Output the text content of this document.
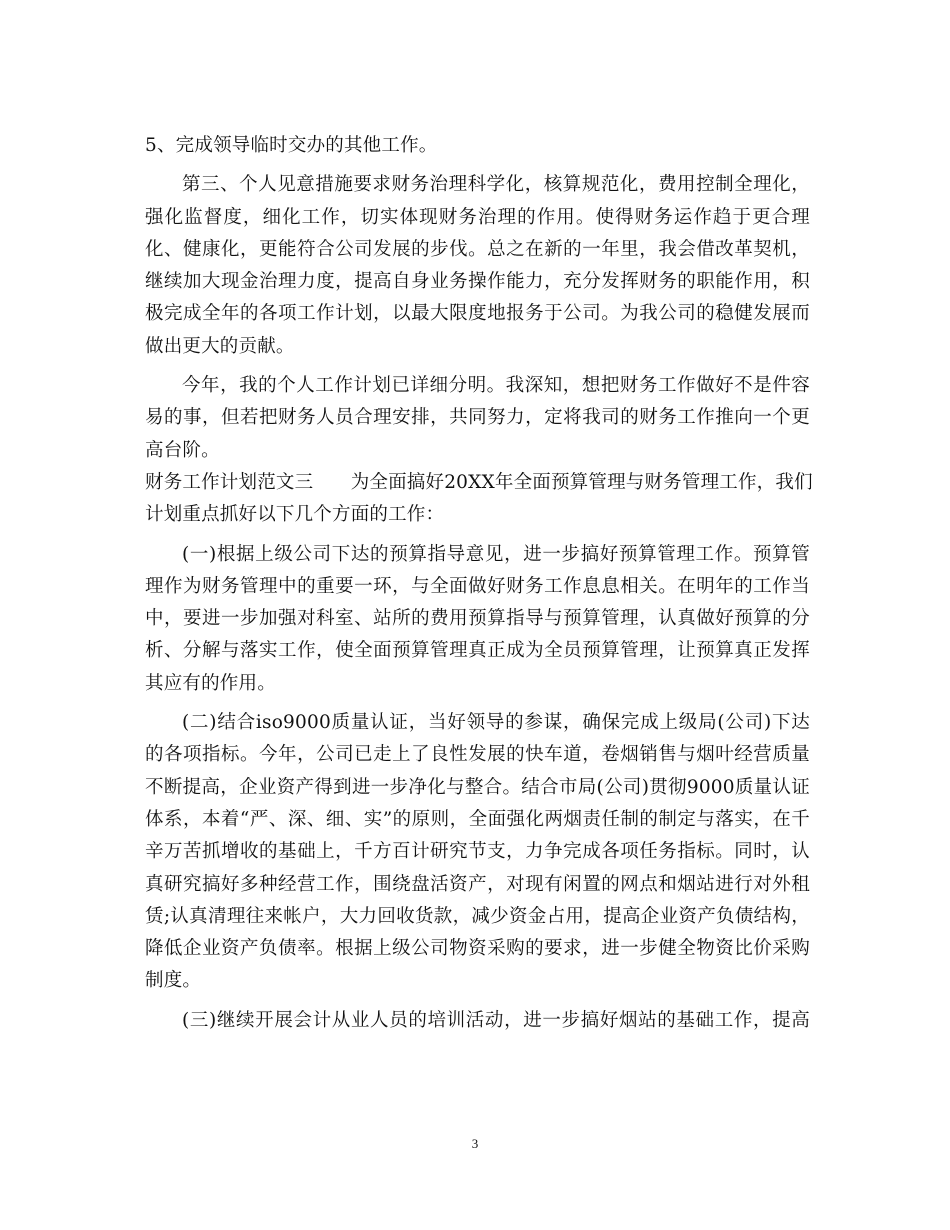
5、完成领导临时交办的其他工作。

第三、个人见意措施要求财务治理科学化，核算规范化，费用控制全理化，
强化监督度，细化工作，切实体现财务治理的作用。使得财务运作趋于更合理
化、健康化，更能符合公司发展的步伐。总之在新的一年里，我会借改革契机，
继续加大现金治理力度，提高自身业务操作能力，充分发挥财务的职能作用，积
极完成全年的各项工作计划，以最大限度地报务于公司。为我公司的稳健发展而
做出更大的贡献。

今年，我的个人工作计划已详细分明。我深知，想把财务工作做好不是件容
易的事，但若把财务人员合理安排，共同努力，定将我司的财务工作推向一个更
高台阶。

财务工作计划范文三　　为全面搞好20XX年全面预算管理与财务管理工作，我们
计划重点抓好以下几个方面的工作：

(一)根据上级公司下达的预算指导意见，进一步搞好预算管理工作。预算管
理作为财务管理中的重要一环，与全面做好财务工作息息相关。在明年的工作当
中，要进一步加强对科室、站所的费用预算指导与预算管理，认真做好预算的分
析、分解与落实工作，使全面预算管理真正成为全员预算管理，让预算真正发挥
其应有的作用。

(二)结合iso9000质量认证，当好领导的参谋，确保完成上级局(公司)下达
的各项指标。今年，公司已走上了良性发展的快车道，卷烟销售与烟叶经营质量
不断提高，企业资产得到进一步净化与整合。结合市局(公司)贯彻9000质量认证
体系，本着“严、深、细、实”的原则，全面强化两烟责任制的制定与落实，在千
辛万苦抓增收的基础上，千方百计研究节支，力争完成各项任务指标。同时，认
真研究搞好多种经营工作，围绕盘活资产，对现有闲置的网点和烟站进行对外租
赁;认真清理往来帐户，大力回收货款，减少资金占用，提高企业资产负债结构，
降低企业资产负债率。根据上级公司物资采购的要求，进一步健全物资比价采购
制度。

(三)继续开展会计从业人员的培训活动，进一步搞好烟站的基础工作，提高

3
